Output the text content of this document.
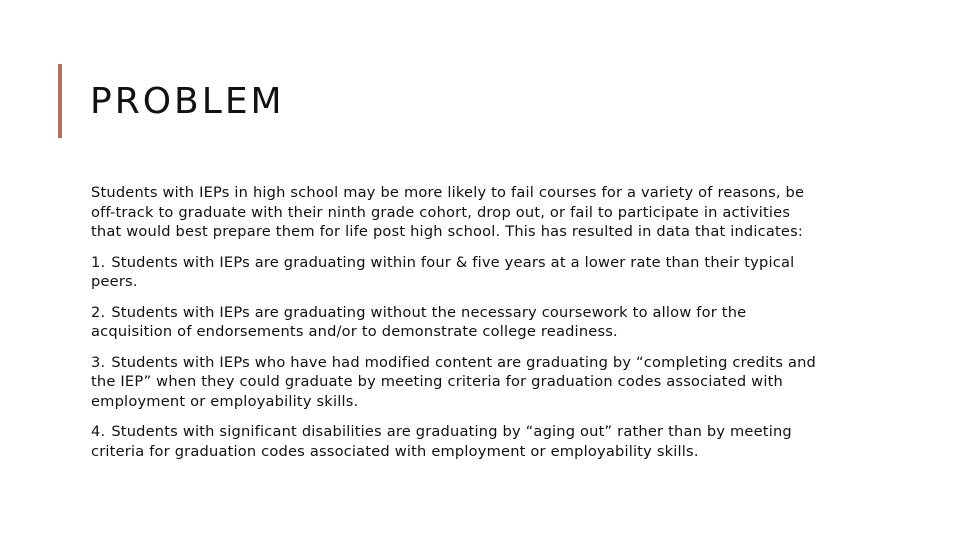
PROBLEM

Students with IEPs in high school may be more likely to fail courses for a variety of reasons, be off-track to graduate with their ninth grade cohort, drop out, or fail to participate in activities that would best prepare them for life post high school. This has resulted in data that indicates:

1. Students with IEPs are graduating within four & five years at a lower rate than their typical peers.

2. Students with IEPs are graduating without the necessary coursework to allow for the acquisition of endorsements and/or to demonstrate college readiness.

3. Students with IEPs who have had modified content are graduating by “completing credits and the IEP” when they could graduate by meeting criteria for graduation codes associated with employment or employability skills.

4. Students with significant disabilities are graduating by “aging out” rather than by meeting criteria for graduation codes associated with employment or employability skills.
